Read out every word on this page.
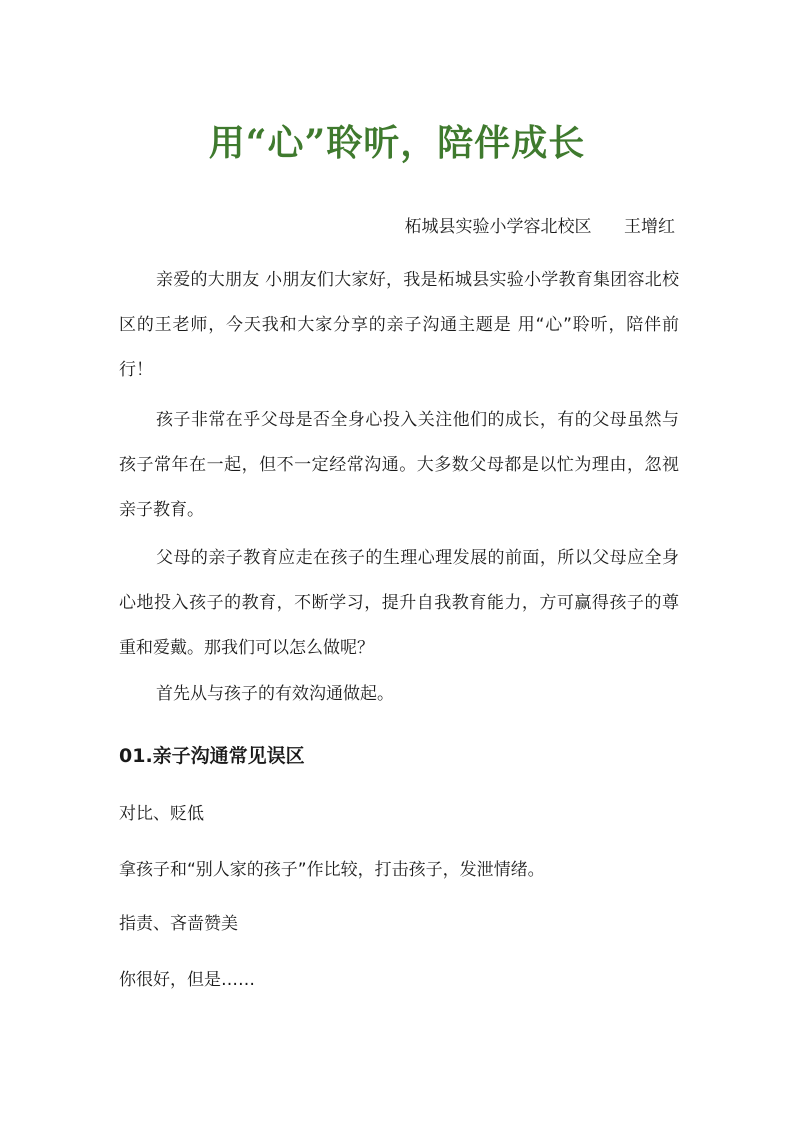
用“心”聆听，陪伴成长
柘城县实验小学容北校区      王增红

亲爱的大朋友 小朋友们大家好，我是柘城县实验小学教育集团容北校区的王老师，今天我和大家分享的亲子沟通主题是 用“心”聆听，陪伴前行！

孩子非常在乎父母是否全身心投入关注他们的成长，有的父母虽然与孩子常年在一起，但不一定经常沟通。大多数父母都是以忙为理由，忽视亲子教育。

父母的亲子教育应走在孩子的生理心理发展的前面，所以父母应全身心地投入孩子的教育，不断学习，提升自我教育能力，方可赢得孩子的尊重和爱戴。那我们可以怎么做呢？

首先从与孩子的有效沟通做起。

01.亲子沟通常见误区

对比、贬低

拿孩子和“别人家的孩子”作比较，打击孩子，发泄情绪。

指责、吝啬赞美

你很好，但是……
